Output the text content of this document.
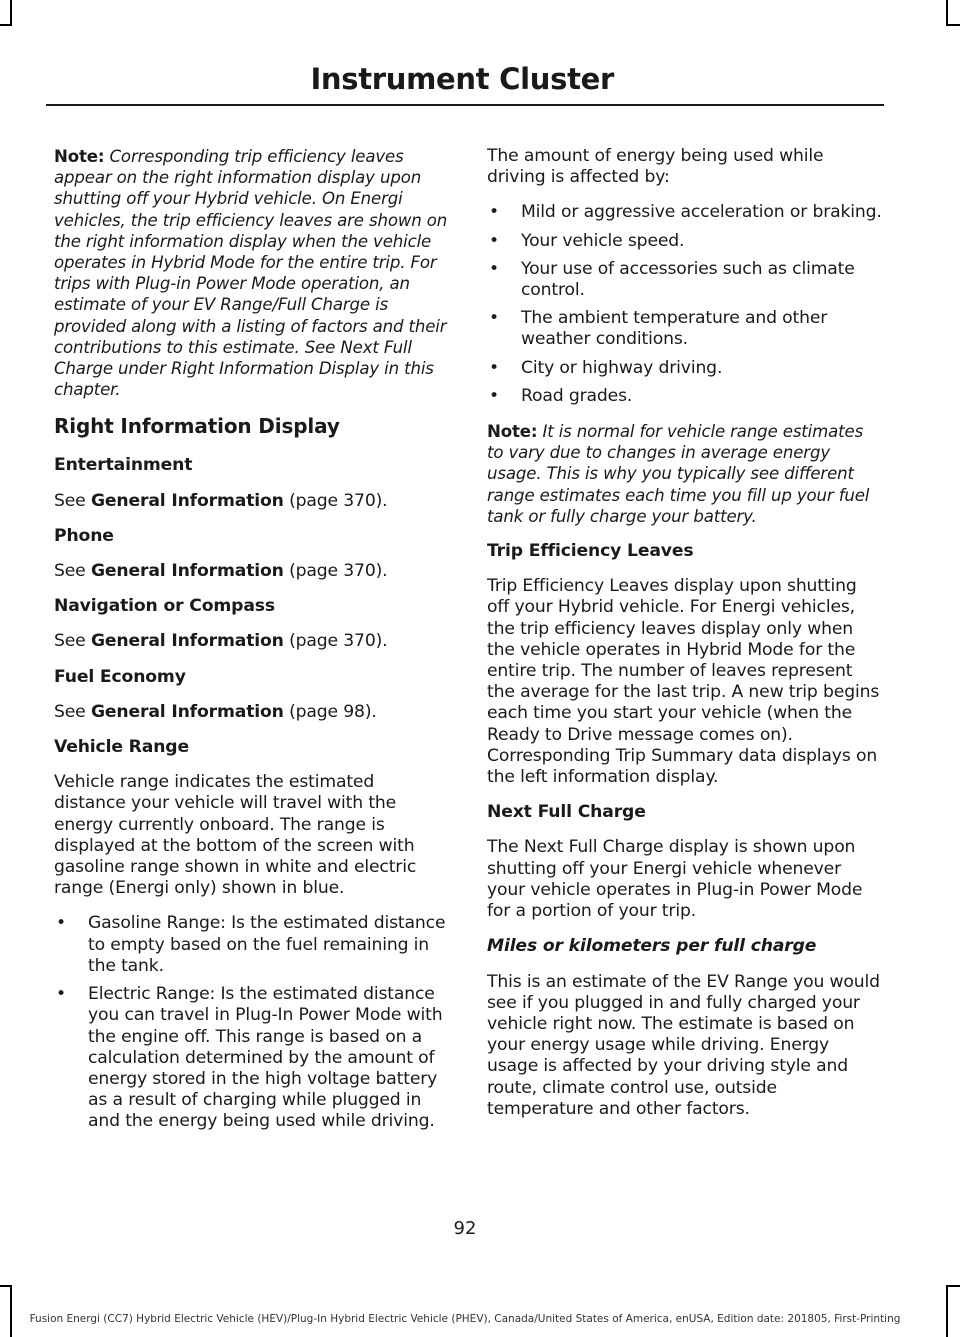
Instrument Cluster

Note: Corresponding trip efficiency leaves appear on the right information display upon shutting off your Hybrid vehicle. On Energi vehicles, the trip efficiency leaves are shown on the right information display when the vehicle operates in Hybrid Mode for the entire trip. For trips with Plug-in Power Mode operation, an estimate of your EV Range/Full Charge is provided along with a listing of factors and their contributions to this estimate. See Next Full Charge under Right Information Display in this chapter.

Right Information Display
Entertainment

See General Information (page 370).

Phone

See General Information (page 370).

Navigation or Compass

See General Information (page 370).

Fuel Economy

See General Information (page 98).

Vehicle Range

Vehicle range indicates the estimated distance your vehicle will travel with the energy currently onboard. The range is displayed at the bottom of the screen with gasoline range shown in white and electric range (Energi only) shown in blue.

• Gasoline Range: Is the estimated distance to empty based on the fuel remaining in the tank.
• Electric Range: Is the estimated distance you can travel in Plug-In Power Mode with the engine off. This range is based on a calculation determined by the amount of energy stored in the high voltage battery as a result of charging while plugged in and the energy being used while driving.

The amount of energy being used while driving is affected by:

• Mild or aggressive acceleration or braking.
• Your vehicle speed.
• Your use of accessories such as climate control.
• The ambient temperature and other weather conditions.
• City or highway driving.
• Road grades.

Note: It is normal for vehicle range estimates to vary due to changes in average energy usage. This is why you typically see different range estimates each time you fill up your fuel tank or fully charge your battery.

Trip Efficiency Leaves

Trip Efficiency Leaves display upon shutting off your Hybrid vehicle. For Energi vehicles, the trip efficiency leaves display only when the vehicle operates in Hybrid Mode for the entire trip. The number of leaves represent the average for the last trip. A new trip begins each time you start your vehicle (when the Ready to Drive message comes on). Corresponding Trip Summary data displays on the left information display.

Next Full Charge

The Next Full Charge display is shown upon shutting off your Energi vehicle whenever your vehicle operates in Plug-in Power Mode for a portion of your trip.

Miles or kilometers per full charge

This is an estimate of the EV Range you would see if you plugged in and fully charged your vehicle right now. The estimate is based on your energy usage while driving. Energy usage is affected by your driving style and route, climate control use, outside temperature and other factors.

92
Fusion Energi (CC7) Hybrid Electric Vehicle (HEV)/Plug-In Hybrid Electric Vehicle (PHEV), Canada/United States of America, enUSA, Edition date: 201805, First-Printing
